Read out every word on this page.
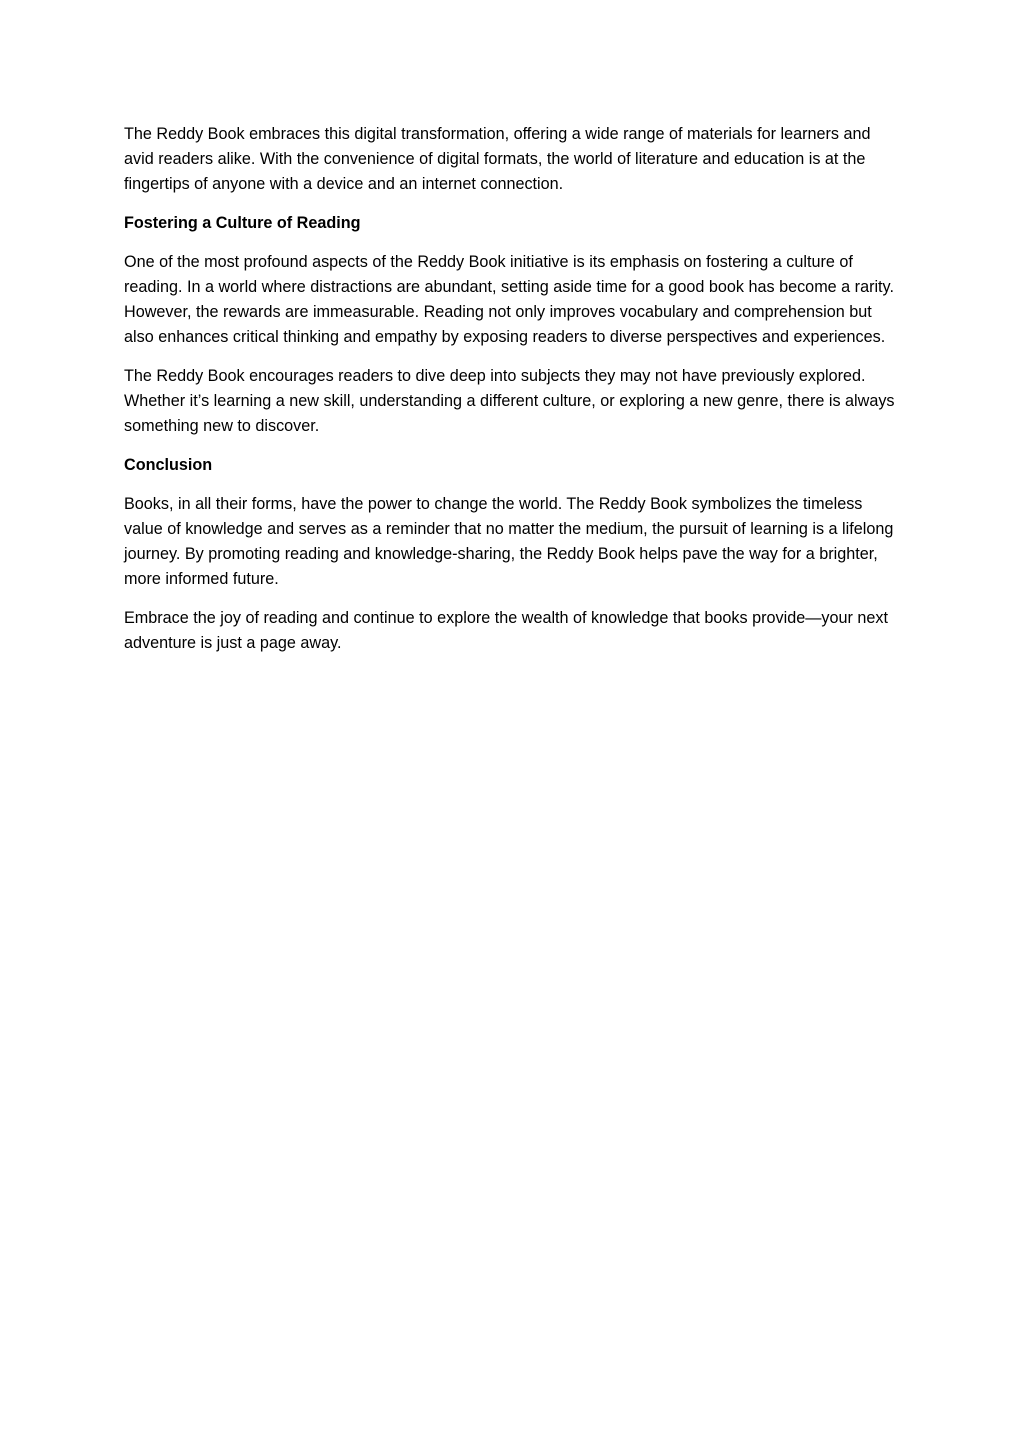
The Reddy Book embraces this digital transformation, offering a wide range of materials for learners and avid readers alike. With the convenience of digital formats, the world of literature and education is at the fingertips of anyone with a device and an internet connection.

Fostering a Culture of Reading

One of the most profound aspects of the Reddy Book initiative is its emphasis on fostering a culture of reading. In a world where distractions are abundant, setting aside time for a good book has become a rarity. However, the rewards are immeasurable. Reading not only improves vocabulary and comprehension but also enhances critical thinking and empathy by exposing readers to diverse perspectives and experiences.

The Reddy Book encourages readers to dive deep into subjects they may not have previously explored. Whether it’s learning a new skill, understanding a different culture, or exploring a new genre, there is always something new to discover.

Conclusion

Books, in all their forms, have the power to change the world. The Reddy Book symbolizes the timeless value of knowledge and serves as a reminder that no matter the medium, the pursuit of learning is a lifelong journey. By promoting reading and knowledge-sharing, the Reddy Book helps pave the way for a brighter, more informed future.

Embrace the joy of reading and continue to explore the wealth of knowledge that books provide—your next adventure is just a page away.
